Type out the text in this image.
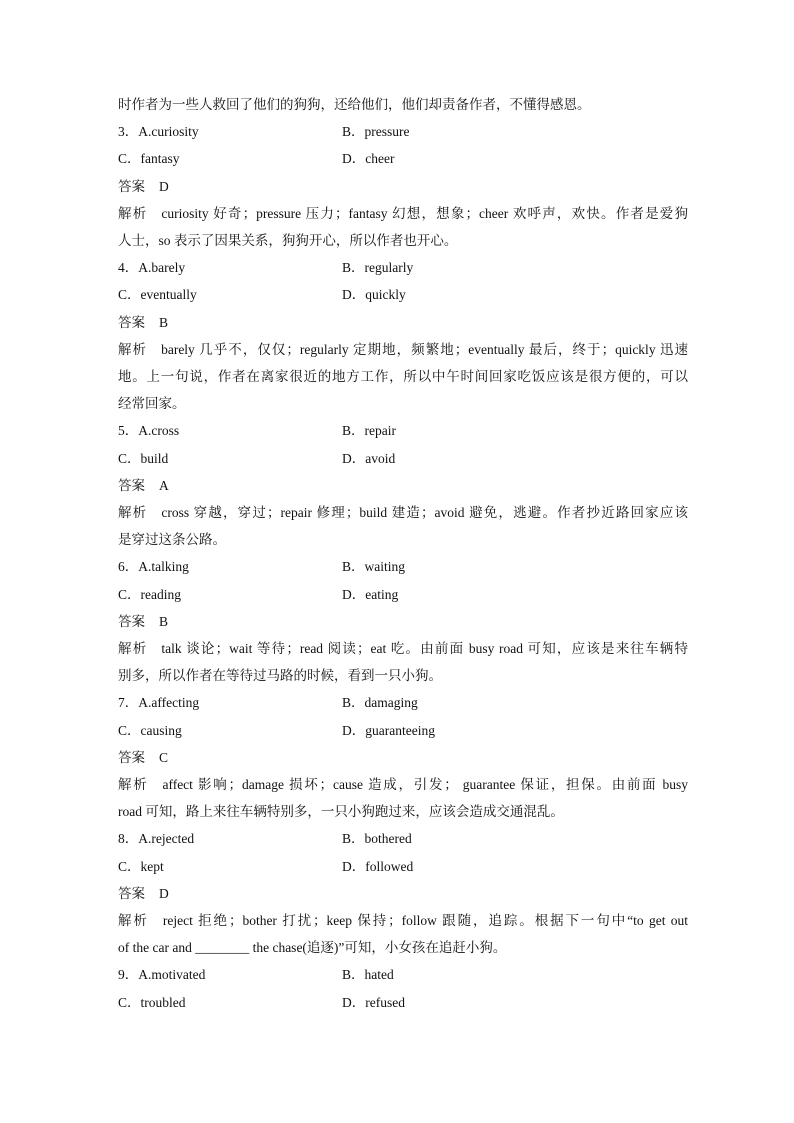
时作者为一些人救回了他们的狗狗，还给他们，他们却责备作者，不懂得感恩。
3．A.curiosity	B．pressure
C．fantasy	D．cheer
答案 D
解析 curiosity 好奇；pressure 压力；fantasy 幻想，想象；cheer 欢呼声，欢快。作者是爱狗
人士，so 表示了因果关系，狗狗开心，所以作者也开心。
4．A.barely	B．regularly
C．eventually	D．quickly
答案 B
解析 barely 几乎不，仅仅；regularly 定期地，频繁地；eventually 最后，终于；quickly 迅速
地。上一句说，作者在离家很近的地方工作，所以中午时间回家吃饭应该是很方便的，可以
经常回家。
5．A.cross	B．repair
C．build	D．avoid
答案 A
解析 cross 穿越，穿过；repair 修理；build 建造；avoid 避免，逃避。作者抄近路回家应该
是穿过这条公路。
6．A.talking	B．waiting
C．reading	D．eating
答案 B
解析 talk 谈论；wait 等待；read 阅读；eat 吃。由前面 busy road 可知，应该是来往车辆特
别多，所以作者在等待过马路的时候，看到一只小狗。
7．A.affecting	B．damaging
C．causing	D．guaranteeing
答案 C
解析 affect 影响；damage 损坏；cause 造成，引发； guarantee 保证，担保。由前面 busy
road 可知，路上来往车辆特别多，一只小狗跑过来，应该会造成交通混乱。
8．A.rejected	B．bothered
C．kept	D．followed
答案 D
解析 reject 拒绝；bother 打扰；keep 保持；follow 跟随，追踪。根据下一句中“to get out
of the car and ________ the chase(追逐)”可知，小女孩在追赶小狗。
9．A.motivated	B．hated
C．troubled	D．refused
